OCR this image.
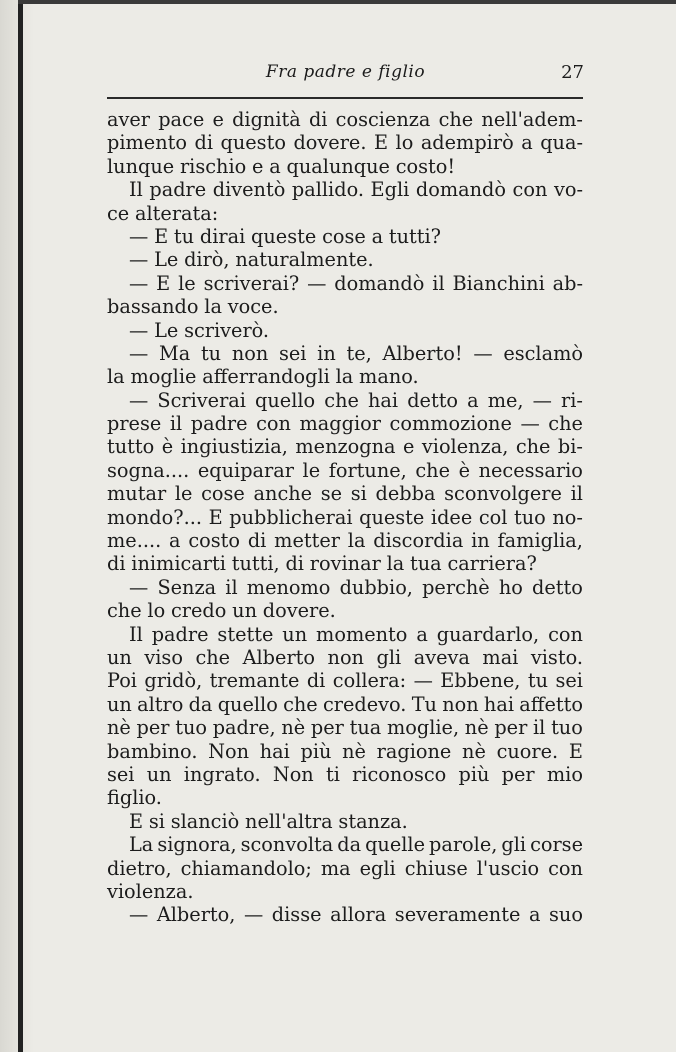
Fra padre e figlio	27
aver pace e dignità di coscienza che nell'adem-
pimento di questo dovere. E lo adempirò a qua-
lunque rischio e a qualunque costo!
Il padre diventò pallido. Egli domandò con vo-
ce alterata:
— E tu dirai queste cose a tutti?
— Le dirò, naturalmente.
— E le scriverai? — domandò il Bianchini ab-
bassando la voce.
— Le scriverò.
— Ma tu non sei in te, Alberto! — esclamò
la moglie afferrandogli la mano.
— Scriverai quello che hai detto a me, — ri-
prese il padre con maggior commozione — che
tutto è ingiustizia, menzogna e violenza, che bi-
sogna.... equiparar le fortune, che è necessario
mutar le cose anche se si debba sconvolgere il
mondo?... E pubblicherai queste idee col tuo no-
me.... a costo di metter la discordia in famiglia,
di inimicarti tutti, di rovinar la tua carriera?
— Senza il menomo dubbio, perchè ho detto
che lo credo un dovere.
Il padre stette un momento a guardarlo, con
un viso che Alberto non gli aveva mai visto.
Poi gridò, tremante di collera: — Ebbene, tu sei
un altro da quello che credevo. Tu non hai affetto
nè per tuo padre, nè per tua moglie, nè per il tuo
bambino. Non hai più nè ragione nè cuore. E
sei un ingrato. Non ti riconosco più per mio
figlio.
E si slanciò nell'altra stanza.
La signora, sconvolta da quelle parole, gli corse
dietro, chiamandolo; ma egli chiuse l'uscio con
violenza.
— Alberto, — disse allora severamente a suo
